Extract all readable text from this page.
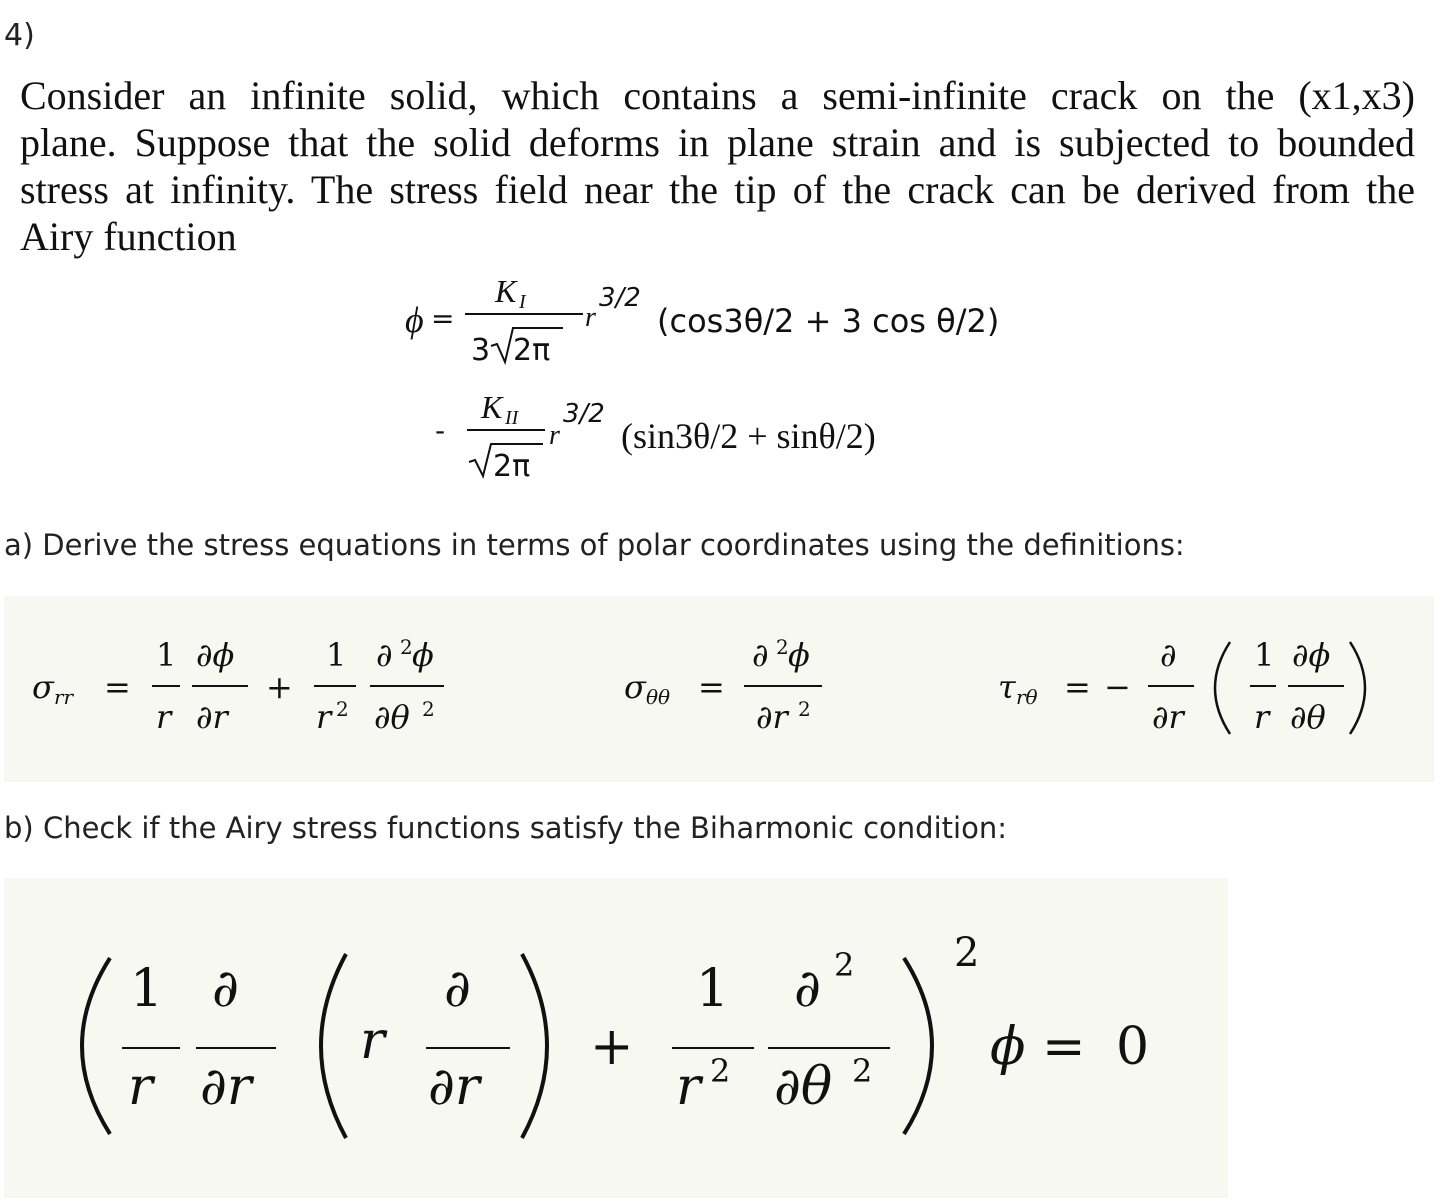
4)
Consider an infinite solid, which contains a semi-infinite crack on the (x1,x3)
plane. Suppose that the solid deforms in plane strain and is subjected to bounded
stress at infinity. The stress field near the tip of the crack can be derived from the
Airy function
ϕ =
K I
3 2π
r
3/2
(cos3θ/2 + 3 cos θ/2)
-
K II
2π
r
3/2
(sin3θ/2 + sinθ/2)
a) Derive the stress equations in terms of polar coordinates using the definitions:
σ rr =
1
r
∂ϕ
∂r
+
1
r 2
∂ 2 ϕ
∂θ 2
σ θθ =
∂ 2 ϕ
∂r 2
τ rθ = −
∂
∂r
1
r
∂ϕ
∂θ
b) Check if the Airy stress functions satisfy the Biharmonic condition:
1
r
∂
∂r
r
∂
∂r
+
1
r 2
∂ 2
∂θ 2
2
ϕ = 0
